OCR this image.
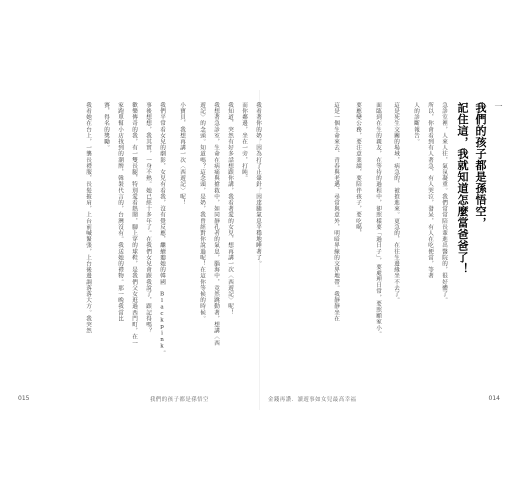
我看著你的奶，因為打了止暈針，因達騰氣息平穩地睡著了。
而你鄰邊，坐在一旁，打盹。
我知道，突然有好多話想跟你講，我看著愛的女兒，想再講一次〈西遊記〉呢！
我想著急診室，生命在病痛與搶救中，如同靜孔者的氣息，腦海中，竟然跳動著，想講〈西
遊記〉的念頭。知道嗎？這念頭，是奶，我曾經對你說過呢！在這你等候的時候。
小寶貝，我想再講一次〈西遊記〉呢！
我們平常看女兒的劇影，女兒有看我，沒有覺反應，繼續聽她的韓國 Blackpink。
事後想想，我其實，一身不熱。她已經十多年了。在我們女兒會跟我說了，跟記得嗎？
歡樂傳奇的我，有一雙長腿，特別愛看熱鬧，腳上穿的球鞋，是我們父女逛過西門町，在一
家跑單幫小店找到的潮牌，韓裝代言的，台灣沒有。我送她的禮物。那一晚我當比
賽，得名的獎勵。
我看她在台上，一襲長禮服，長髮披肩，上台前喊緊張，上台後邊調落落大方。我突然
015	我們的孩子都是孫悟空
一
我們的孩子都是孫悟空，
記住這，我就知道怎麼當爸爸了！
急診室裡，人來人往，氣氛凝重。我們常常陪長輩進出醫院的，很好體了。
所以，你會看到有人著急，有人哭泣，發呆，有人在吃便當，等著
人的診斷報告。
這是死生交關的場域，病急的，被推進來。更急的，在往生邊緣坐不去了。
面臨到在生的親友，在等待的過程中，卻照樣要「過日子」，要處理日常，要照顧家小。
要應變公務，要注意業績，要陪伴孩子，要吃喝，
這是一個生命來去、青春與老邁、尋常與意外，明暗界線的交界地帶。我靜靜坐在
金錢再讚．讀遊事如女兒最高幸福	014
